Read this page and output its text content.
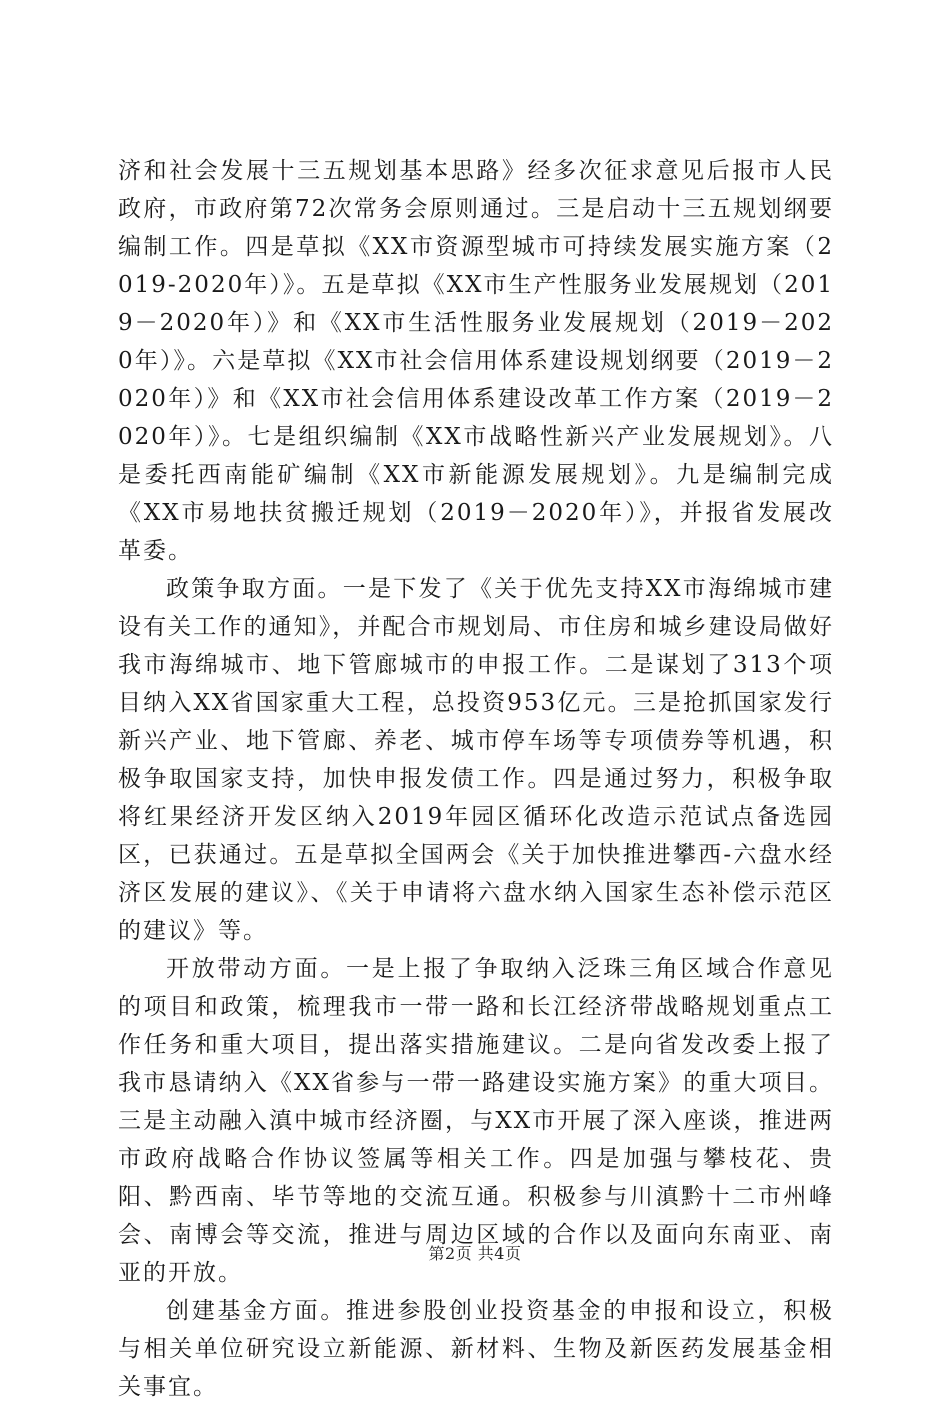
济和社会发展十三五规划基本思路》经多次征求意见后报市人民政府，市政府第72次常务会原则通过。三是启动十三五规划纲要编制工作。四是草拟《XX市资源型城市可持续发展实施方案（2019-2020年）》。五是草拟《XX市生产性服务业发展规划（2019－2020年）》和《XX市生活性服务业发展规划（2019－2020年）》。六是草拟《XX市社会信用体系建设规划纲要（2019－2020年）》和《XX市社会信用体系建设改革工作方案（2019－2020年）》。七是组织编制《XX市战略性新兴产业发展规划》。八是委托西南能矿编制《XX市新能源发展规划》。九是编制完成《XX市易地扶贫搬迁规划（2019－2020年）》，并报省发展改革委。

政策争取方面。一是下发了《关于优先支持XX市海绵城市建设有关工作的通知》，并配合市规划局、市住房和城乡建设局做好我市海绵城市、地下管廊城市的申报工作。二是谋划了313个项目纳入XX省国家重大工程，总投资953亿元。三是抢抓国家发行新兴产业、地下管廊、养老、城市停车场等专项债券等机遇，积极争取国家支持，加快申报发债工作。四是通过努力，积极争取将红果经济开发区纳入2019年园区循环化改造示范试点备选园区，已获通过。五是草拟全国两会《关于加快推进攀西-六盘水经济区发展的建议》、《关于申请将六盘水纳入国家生态补偿示范区的建议》等。

开放带动方面。一是上报了争取纳入泛珠三角区域合作意见的项目和政策，梳理我市一带一路和长江经济带战略规划重点工作任务和重大项目，提出落实措施建议。二是向省发改委上报了我市恳请纳入《XX省参与一带一路建设实施方案》的重大项目。三是主动融入滇中城市经济圈，与XX市开展了深入座谈，推进两市政府战略合作协议签属等相关工作。四是加强与攀枝花、贵阳、黔西南、毕节等地的交流互通。积极参与川滇黔十二市州峰会、南博会等交流，推进与周边区域的合作以及面向东南亚、南亚的开放。

创建基金方面。推进参股创业投资基金的申报和设立，积极与相关单位研究设立新能源、新材料、生物及新医药发展基金相关事宜。

第2页 共4页
